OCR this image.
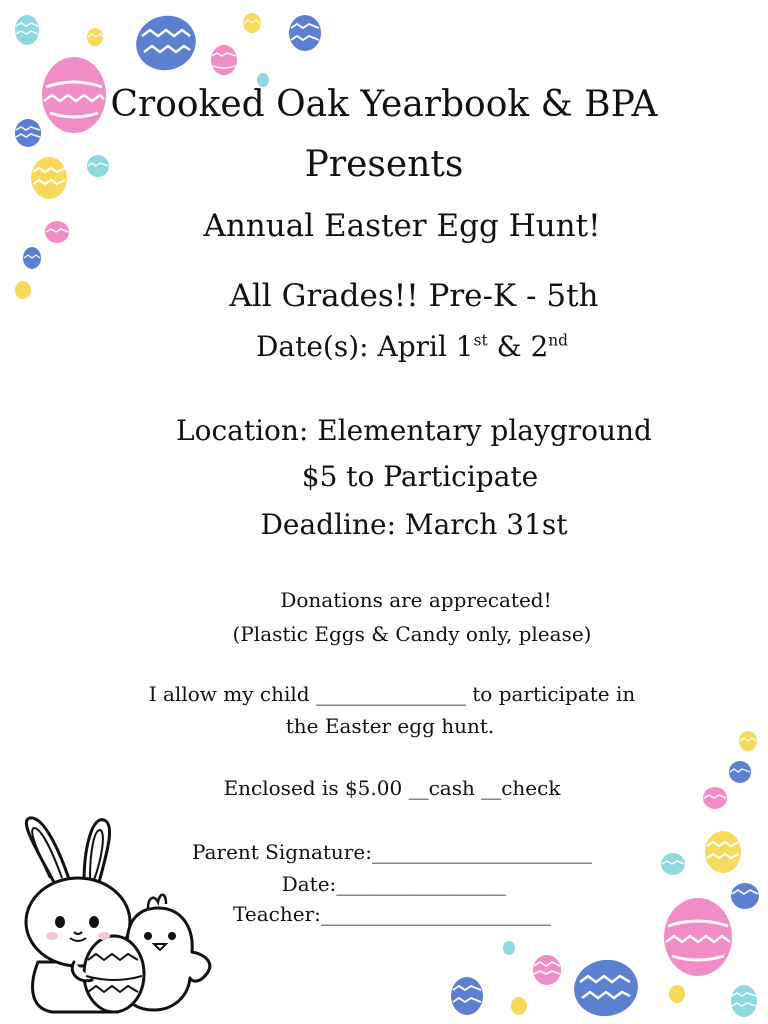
Crooked Oak Yearbook & BPA
Presents
Annual Easter Egg Hunt!
All Grades!! Pre-K - 5th
Date(s): April 1st & 2nd
Location: Elementary playground
$5 to Participate
Deadline: March 31st
Donations are apprecated!
(Plastic Eggs & Candy only, please)
I allow my child _______________ to participate in
the Easter egg hunt.
Enclosed is $5.00 __cash __check
Parent Signature:______________________
Date:_________________
Teacher:_______________________
